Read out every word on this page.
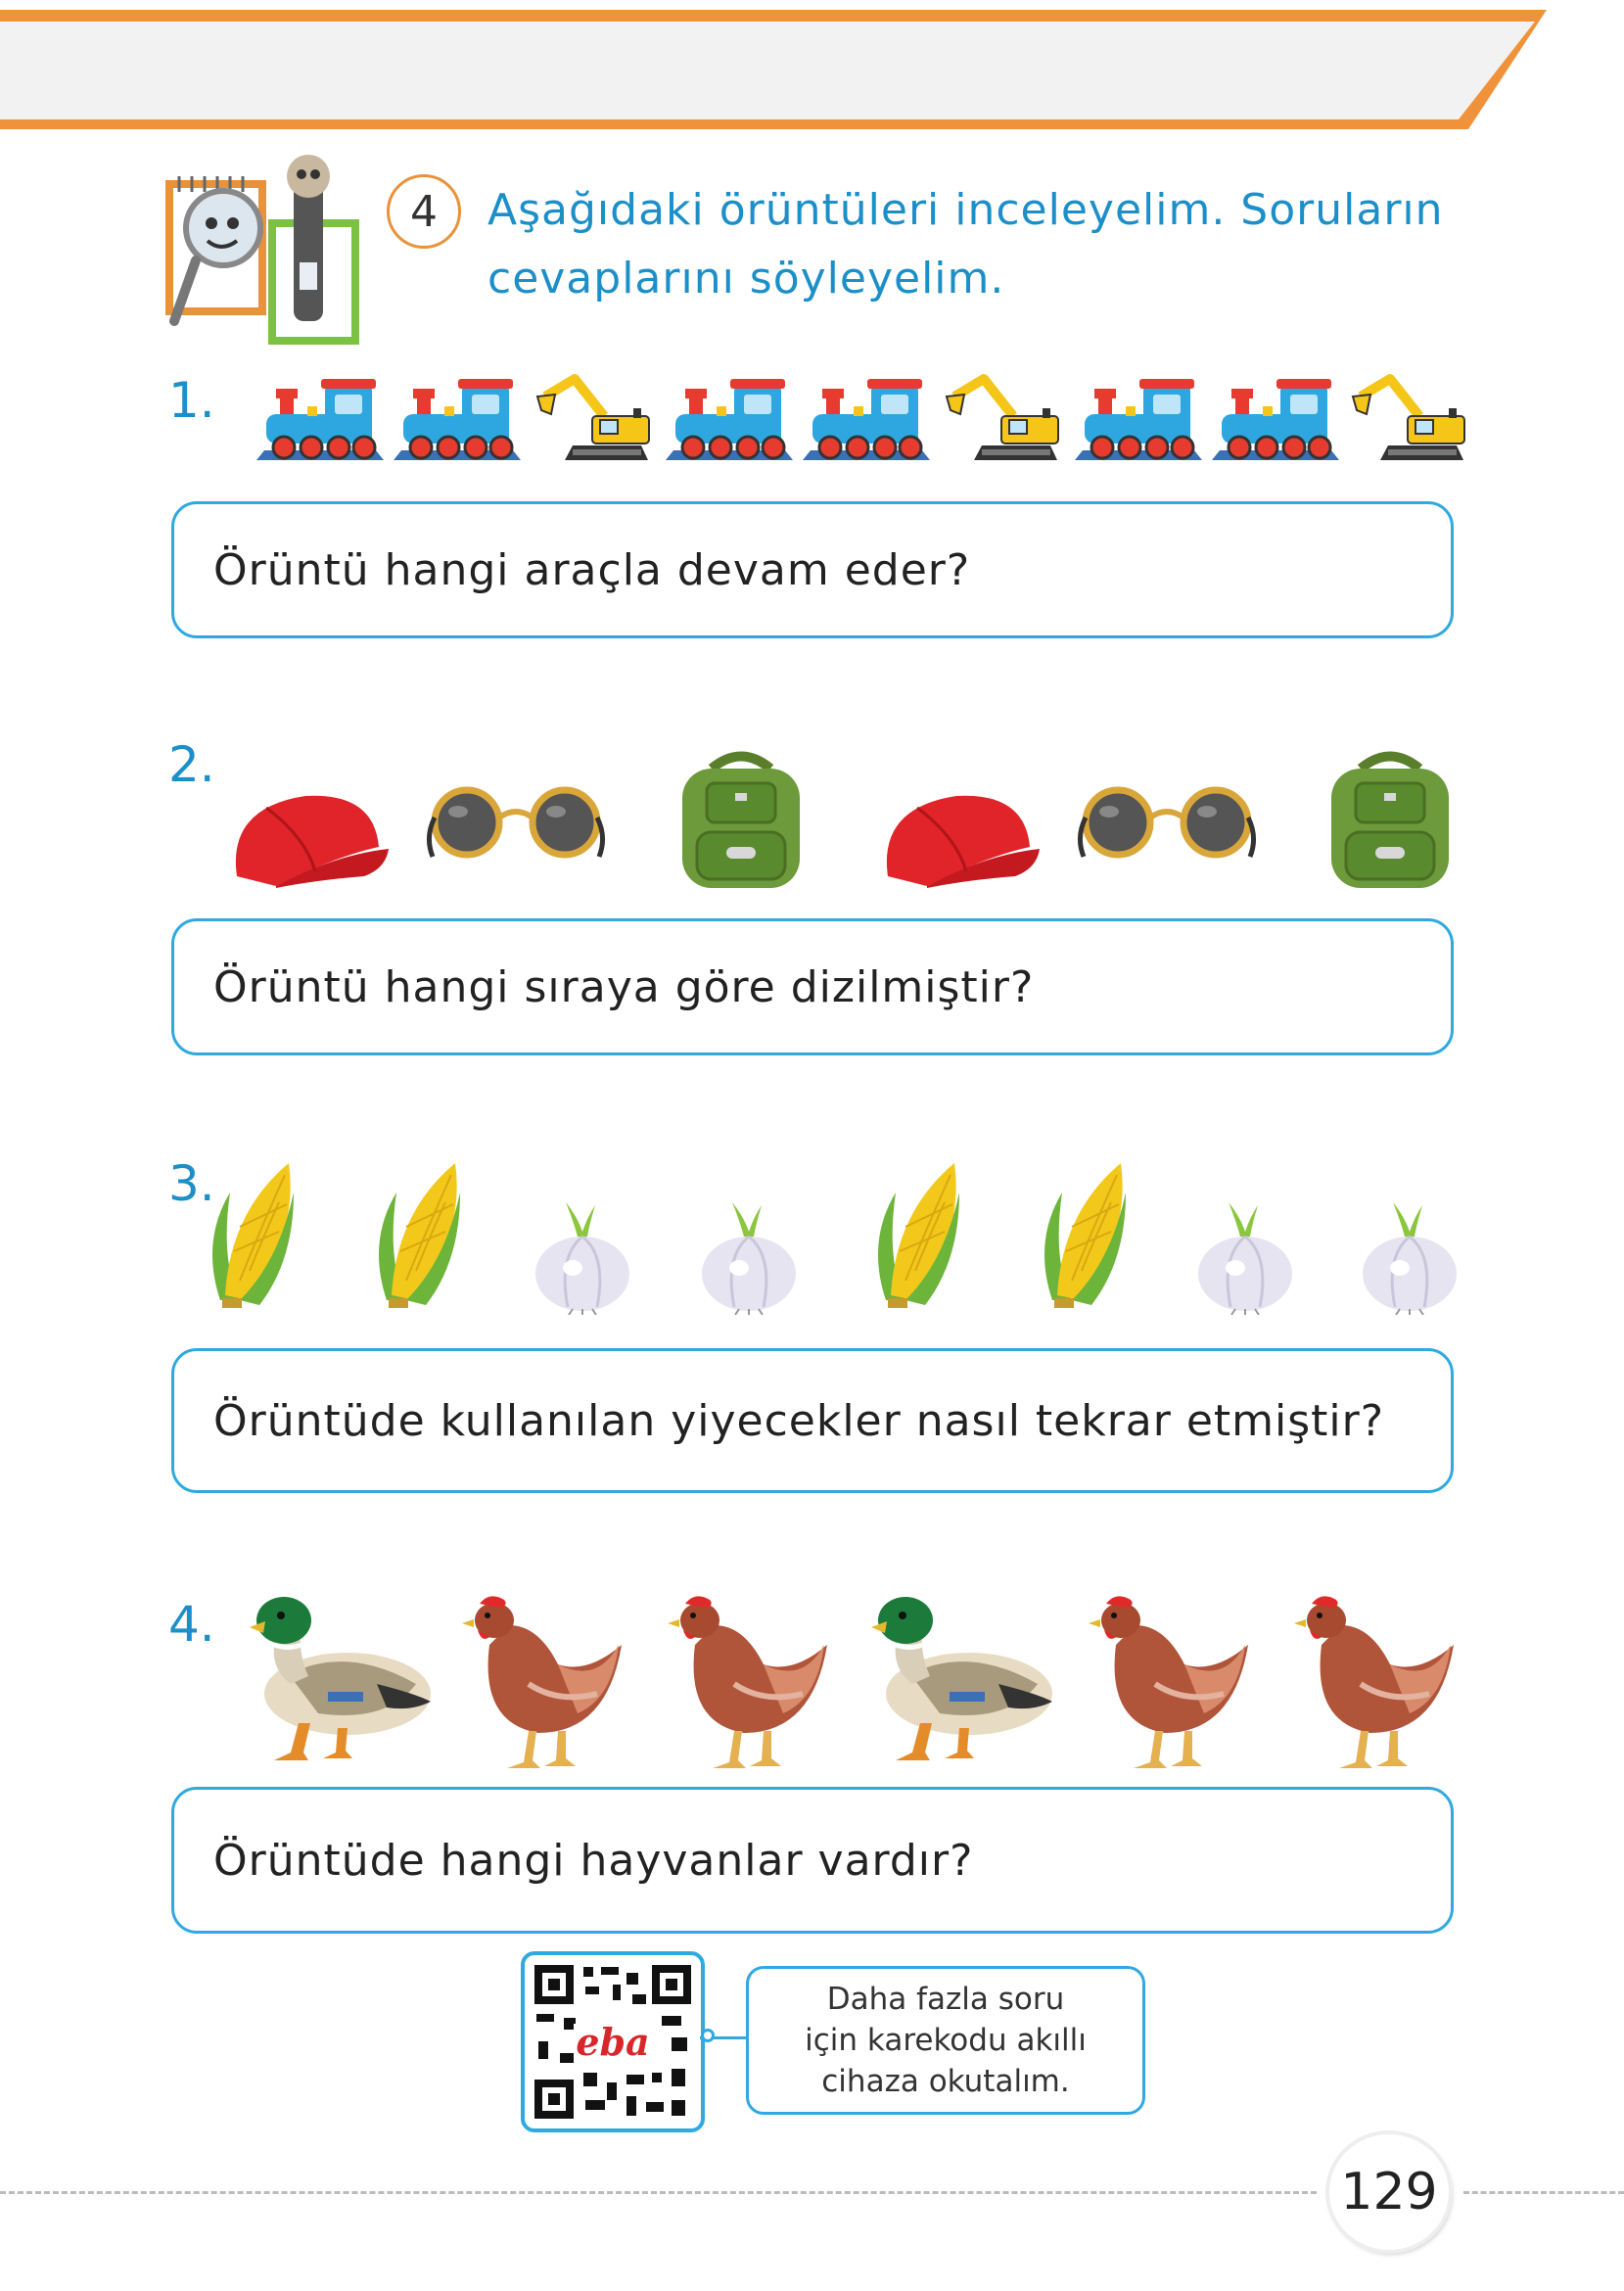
4	Aşağıdaki örüntüleri inceleyelim. Soruların
cevaplarını söyleyelim.
1.
Örüntü hangi araçla devam eder?
2.
Örüntü hangi sıraya göre dizilmiştir?
3.
Örüntüde kullanılan yiyecekler nasıl tekrar etmiştir?
4.
Örüntüde hangi hayvanlar vardır?
eba
Daha fazla soru
için karekodu akıllı
cihaza okutalım.
129
